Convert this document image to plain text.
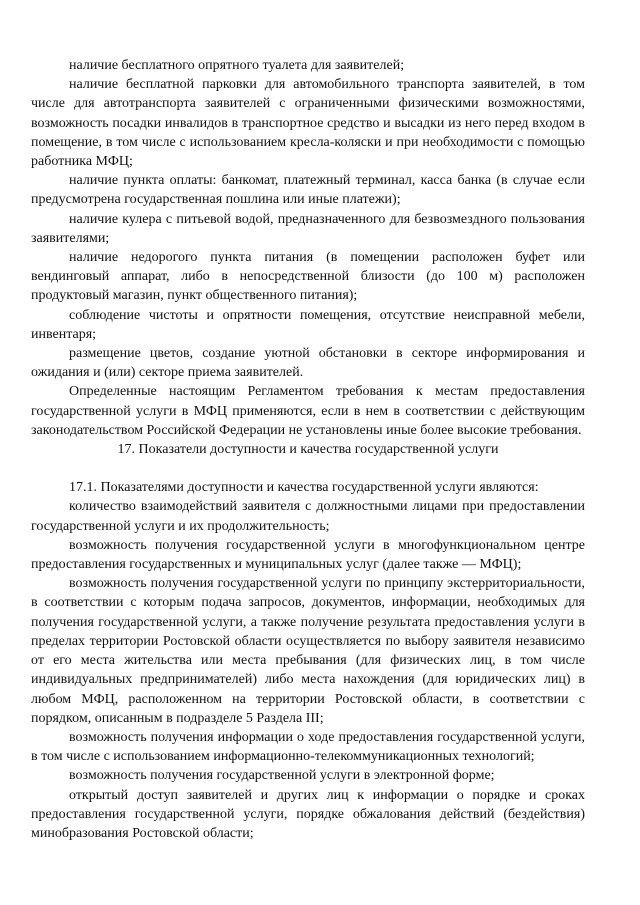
наличие бесплатного опрятного туалета для заявителей;

наличие бесплатной парковки для автомобильного транспорта заявителей, в том числе для автотранспорта заявителей с ограниченными физическими возможностями, возможность посадки инвалидов в транспортное средство и высадки из него перед входом в помещение, в том числе с использованием кресла-коляски и при необходимости с помощью работника МФЦ;

наличие пункта оплаты: банкомат, платежный терминал, касса банка (в случае если предусмотрена государственная пошлина или иные платежи);

наличие кулера с питьевой водой, предназначенного для безвозмездного пользования заявителями;

наличие недорогого пункта питания (в помещении расположен буфет или вендинговый аппарат, либо в непосредственной близости (до 100 м) расположен продуктовый магазин, пункт общественного питания);

соблюдение чистоты и опрятности помещения, отсутствие неисправной мебели, инвентаря;

размещение цветов, создание уютной обстановки в секторе информирования и ожидания и (или) секторе приема заявителей.

Определенные настоящим Регламентом требования к местам предоставления государственной услуги в МФЦ применяются, если в нем в соответствии с действующим законодательством Российской Федерации не установлены иные более высокие требования.

17. Показатели доступности и качества государственной услуги

17.1. Показателями доступности и качества государственной услуги являются:

количество взаимодействий заявителя с должностными лицами при предоставлении государственной услуги и их продолжительность;

возможность получения государственной услуги в многофункциональном центре предоставления государственных и муниципальных услуг (далее также — МФЦ);

возможность получения государственной услуги по принципу экстерриториальности, в соответствии с которым подача запросов, документов, информации, необходимых для получения государственной услуги, а также получение результата предоставления услуги в пределах территории Ростовской области осуществляется по выбору заявителя независимо от его места жительства или места пребывания (для физических лиц, в том числе индивидуальных предпринимателей) либо места нахождения (для юридических лиц) в любом МФЦ, расположенном на территории Ростовской области, в соответствии с порядком, описанным в подразделе 5 Раздела III;

возможность получения информации о ходе предоставления государственной услуги, в том числе с использованием информационно-телекоммуникационных технологий;

возможность получения государственной услуги в электронной форме;

открытый доступ заявителей и других лиц к информации о порядке и сроках предоставления государственной услуги, порядке обжалования действий (бездействия) минобразования Ростовской области;
